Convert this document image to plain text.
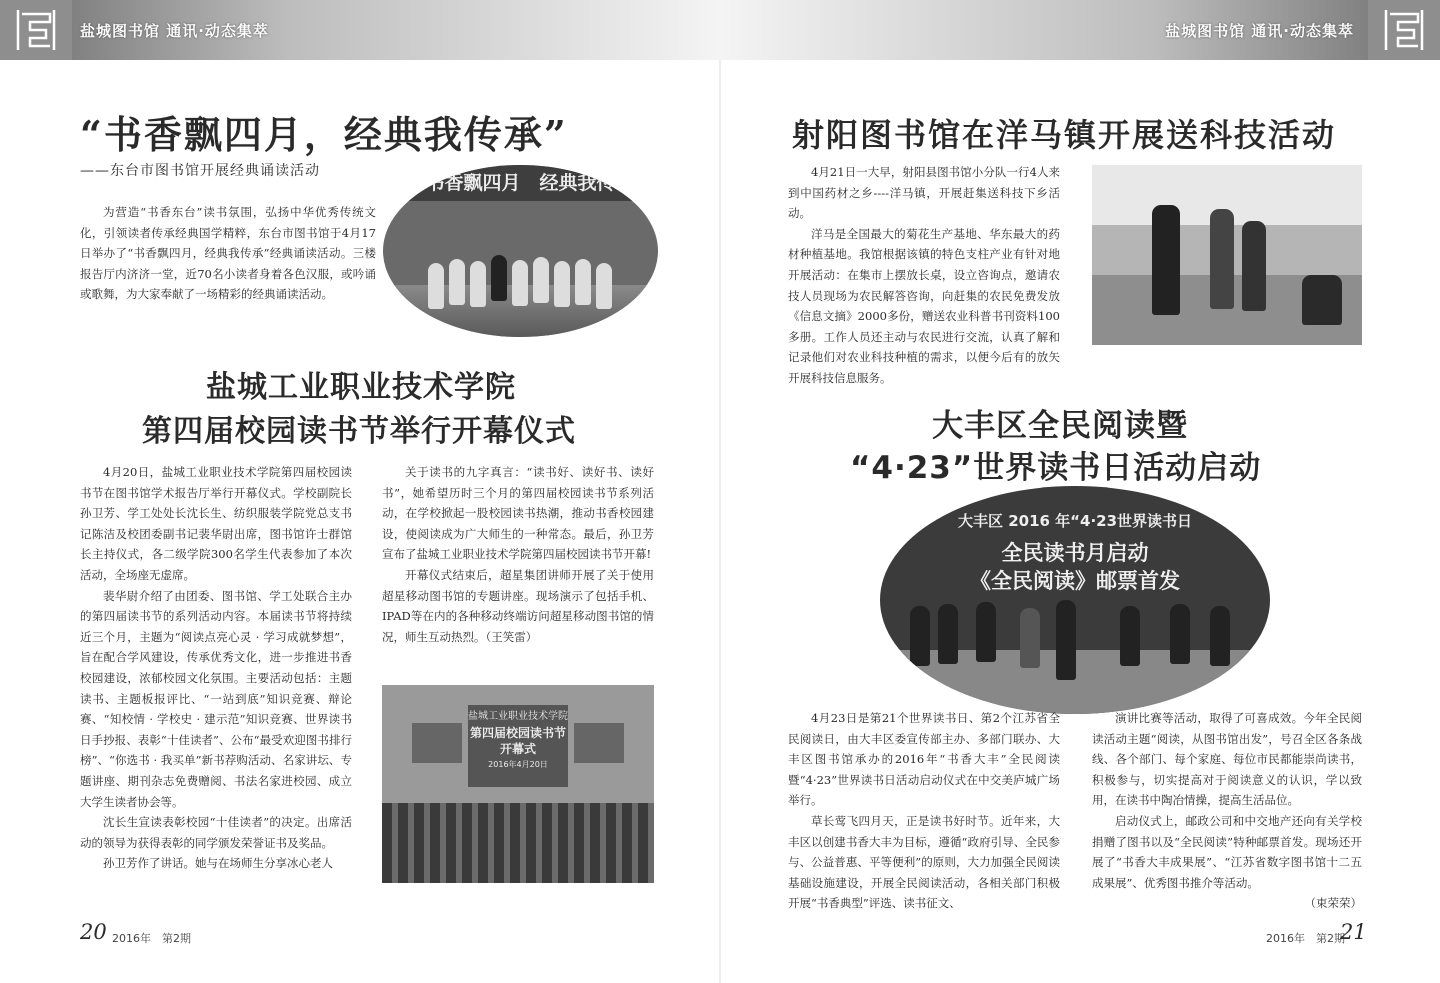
盐城图书馆 通讯·动态集萃	盐城图书馆 通讯·动态集萃
“书香飘四月，经典我传承”
——东台市图书馆开展经典诵读活动
书香飘四月　经典我传

为营造“书香东台”读书氛围，弘扬中华优秀传统文化，引领读者传承经典国学精粹，东台市图书馆于4月17日举办了“书香飘四月，经典我传承”经典诵读活动。三楼报告厅内济济一堂，近70名小读者身着各色汉服，或吟诵或歌舞，为大家奉献了一场精彩的经典诵读活动。

盐城工业职业技术学院
第四届校园读书节举行开幕仪式

4月20日，盐城工业职业技术学院第四届校园读书节在图书馆学术报告厅举行开幕仪式。学校副院长孙卫芳、学工处处长沈长生、纺织服装学院党总支书记陈洁及校团委副书记裴华尉出席，图书馆许士群馆长主持仪式，各二级学院300名学生代表参加了本次活动，全场座无虚席。

裴华尉介绍了由团委、图书馆、学工处联合主办的第四届读书节的系列活动内容。本届读书节将持续近三个月，主题为“阅读点亮心灵 · 学习成就梦想”，旨在配合学风建设，传承优秀文化，进一步推进书香校园建设，浓郁校园文化氛围。主要活动包括：主题读书、主题板报评比、“一站到底”知识竞赛、辩论赛、“知校情 · 学校史 · 建示范”知识竞赛、世界读书日手抄报、表彰“十佳读者”、公布“最受欢迎图书排行榜”、“你选书 · 我买单”新书荐购活动、名家讲坛、专题讲座、期刊杂志免费赠阅、书法名家进校园、成立大学生读者协会等。

沈长生宣读表彰校园“十佳读者”的决定。出席活动的领导为获得表彰的同学颁发荣誉证书及奖品。

孙卫芳作了讲话。她与在场师生分享冰心老人

关于读书的九字真言：“读书好、读好书、读好书”，她希望历时三个月的第四届校园读书节系列活动，在学校掀起一股校园读书热潮，推动书香校园建设，使阅读成为广大师生的一种常态。最后，孙卫芳宣布了盐城工业职业技术学院第四届校园读书节开幕!

开幕仪式结束后，超星集团讲师开展了关于使用超星移动图书馆的专题讲座。现场演示了包括手机、IPAD等在内的各种移动终端访问超星移动图书馆的情况，师生互动热烈。（王笑雷）

盐城工业职业技术学院
第四届校园读书节
开幕式
2016年4月20日
20 2016年　第2期
射阳图书馆在洋马镇开展送科技活动

4月21日一大早，射阳县图书馆小分队一行4人来到中国药材之乡----洋马镇，开展赶集送科技下乡活动。

洋马是全国最大的菊花生产基地、华东最大的药材种植基地。我馆根据该镇的特色支柱产业有针对地开展活动：在集市上摆放长桌，设立咨询点，邀请农技人员现场为农民解答咨询，向赶集的农民免费发放《信息文摘》2000多份，赠送农业科普书刊资料100多册。工作人员还主动与农民进行交流，认真了解和记录他们对农业科技种植的需求，以便今后有的放矢开展科技信息服务。

大丰区全民阅读暨
“4·23”世界读书日活动启动
大丰区 2016 年“4·23世界读书日
全民读书月启动
《全民阅读》邮票首发

4月23日是第21个世界读书日、第2个江苏省全民阅读日，由大丰区委宣传部主办、多部门联办、大丰区图书馆承办的2016年“书香大丰”全民阅读暨“4·23”世界读书日活动启动仪式在中交美庐城广场举行。

草长莺飞四月天，正是读书好时节。近年来，大丰区以创建书香大丰为目标，遵循“政府引导、全民参与、公益普惠、平等便利”的原则，大力加强全民阅读基础设施建设，开展全民阅读活动，各相关部门积极开展“书香典型”评选、读书征文、

演讲比赛等活动，取得了可喜成效。今年全民阅读活动主题“阅读，从图书馆出发”，号召全区各条战线、各个部门、每个家庭、每位市民都能崇尚读书，积极参与，切实提高对于阅读意义的认识，学以致用，在读书中陶冶情操，提高生活品位。

启动仪式上，邮政公司和中交地产还向有关学校捐赠了图书以及“全民阅读”特种邮票首发。现场还开展了“书香大丰成果展”、“江苏省数字图书馆十二五成果展”、优秀图书推介等活动。

（束荣荣）

2016年　第2期
21
